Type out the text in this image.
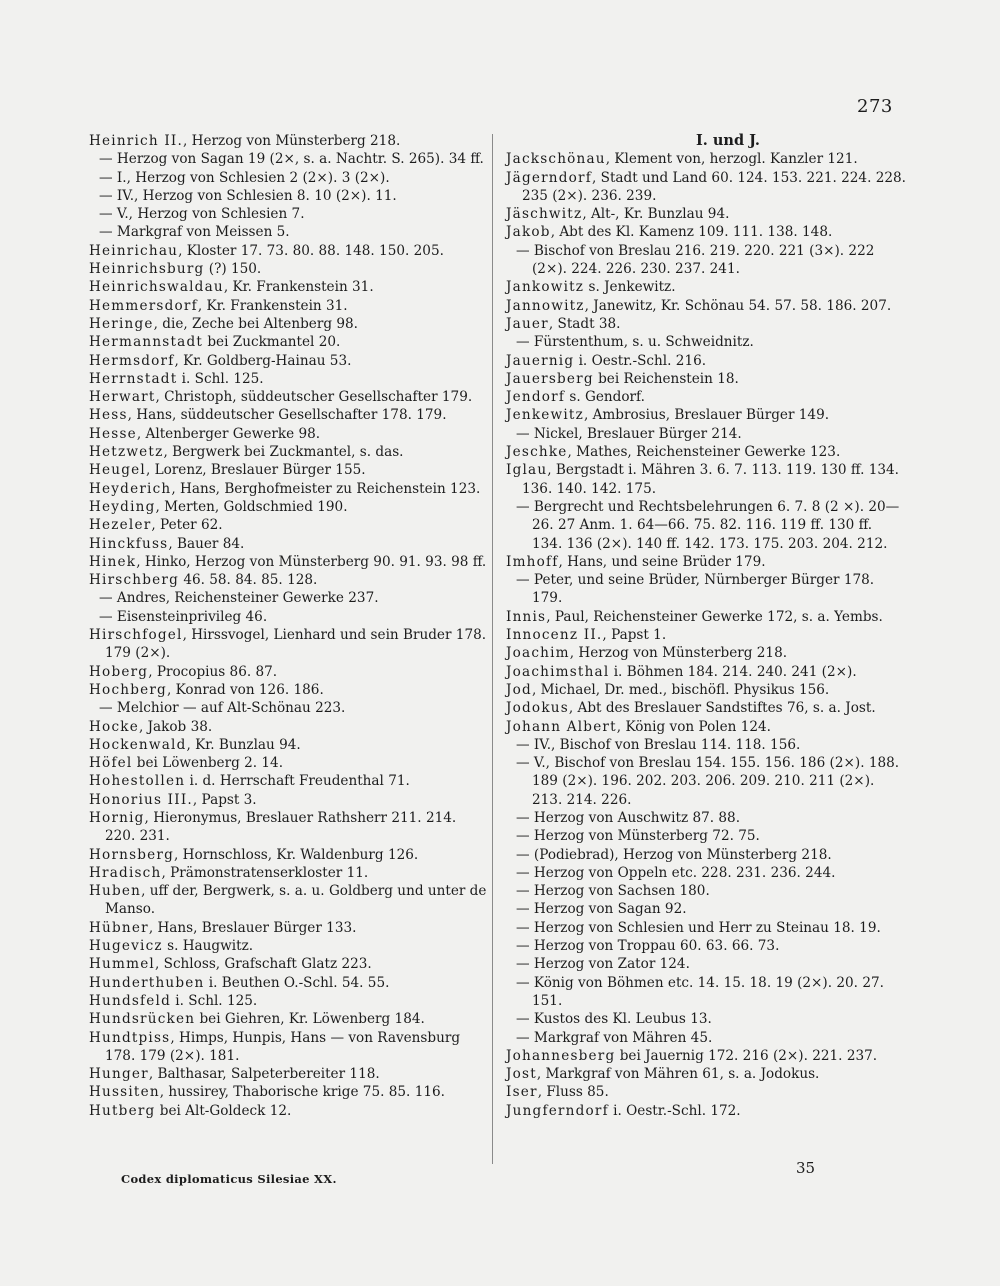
273
Heinrich II., Herzog von Münsterberg 218.
— Herzog von Sagan 19 (2×, s. a. Nachtr. S. 265). 34 ff.
— I., Herzog von Schlesien 2 (2×). 3 (2×).
— IV., Herzog von Schlesien 8. 10 (2×). 11.
— V., Herzog von Schlesien 7.
— Markgraf von Meissen 5.
Heinrichau, Kloster 17. 73. 80. 88. 148. 150. 205.
Heinrichsburg (?) 150.
Heinrichswaldau, Kr. Frankenstein 31.
Hemmersdorf, Kr. Frankenstein 31.
Heringe, die, Zeche bei Altenberg 98.
Hermannstadt bei Zuckmantel 20.
Hermsdorf, Kr. Goldberg-Hainau 53.
Herrnstadt i. Schl. 125.
Herwart, Christoph, süddeutscher Gesellschafter 179.
Hess, Hans, süddeutscher Gesellschafter 178. 179.
Hesse, Altenberger Gewerke 98.
Hetzwetz, Bergwerk bei Zuckmantel, s. das.
Heugel, Lorenz, Breslauer Bürger 155.
Heyderich, Hans, Berghofmeister zu Reichenstein 123.
Heyding, Merten, Goldschmied 190.
Hezeler, Peter 62.
Hinckfuss, Bauer 84.
Hinek, Hinko, Herzog von Münsterberg 90. 91. 93. 98 ff.
Hirschberg 46. 58. 84. 85. 128.
— Andres, Reichensteiner Gewerke 237.
— Eisensteinprivileg 46.
Hirschfogel, Hirssvogel, Lienhard und sein Bruder 178. 179 (2×).
Hoberg, Procopius 86. 87.
Hochberg, Konrad von 126. 186.
— Melchior — auf Alt-Schönau 223.
Hocke, Jakob 38.
Hockenwald, Kr. Bunzlau 94.
Höfel bei Löwenberg 2. 14.
Hohestollen i. d. Herrschaft Freudenthal 71.
Honorius III., Papst 3.
Hornig, Hieronymus, Breslauer Rathsherr 211. 214. 220. 231.
Hornsberg, Hornschloss, Kr. Waldenburg 126.
Hradisch, Prämonstratenserkloster 11.
Huben, uff der, Bergwerk, s. a. u. Goldberg und unter de Manso.
Hübner, Hans, Breslauer Bürger 133.
Hugevicz s. Haugwitz.
Hummel, Schloss, Grafschaft Glatz 223.
Hunderthuben i. Beuthen O.-Schl. 54. 55.
Hundsfeld i. Schl. 125.
Hundsrücken bei Giehren, Kr. Löwenberg 184.
Hundtpiss, Himps, Hunpis, Hans — von Ravensburg 178. 179 (2×). 181.
Hunger, Balthasar, Salpeterbereiter 118.
Hussiten, hussirey, Thaborische krige 75. 85. 116.
Hutberg bei Alt-Goldeck 12.
I. und J.
Jackschönau, Klement von, herzogl. Kanzler 121.
Jägerndorf, Stadt und Land 60. 124. 153. 221. 224. 228. 235 (2×). 236. 239.
Jäschwitz, Alt-, Kr. Bunzlau 94.
Jakob, Abt des Kl. Kamenz 109. 111. 138. 148.
— Bischof von Breslau 216. 219. 220. 221 (3×). 222 (2×). 224. 226. 230. 237. 241.
Jankowitz s. Jenkewitz.
Jannowitz, Janewitz, Kr. Schönau 54. 57. 58. 186. 207.
Jauer, Stadt 38.
— Fürstenthum, s. u. Schweidnitz.
Jauernig i. Oestr.-Schl. 216.
Jauersberg bei Reichenstein 18.
Jendorf s. Gendorf.
Jenkewitz, Ambrosius, Breslauer Bürger 149.
— Nickel, Breslauer Bürger 214.
Jeschke, Mathes, Reichensteiner Gewerke 123.
Iglau, Bergstadt i. Mähren 3. 6. 7. 113. 119. 130 ff. 134. 136. 140. 142. 175.
— Bergrecht und Rechtsbelehrungen 6. 7. 8 (2 ×). 20—26. 27 Anm. 1. 64—66. 75. 82. 116. 119 ff. 130 ff. 134. 136 (2×). 140 ff. 142. 173. 175. 203. 204. 212.
Imhoff, Hans, und seine Brüder 179.
— Peter, und seine Brüder, Nürnberger Bürger 178. 179.
Innis, Paul, Reichensteiner Gewerke 172, s. a. Yembs.
Innocenz II., Papst 1.
Joachim, Herzog von Münsterberg 218.
Joachimsthal i. Böhmen 184. 214. 240. 241 (2×).
Jod, Michael, Dr. med., bischöfl. Physikus 156.
Jodokus, Abt des Breslauer Sandstiftes 76, s. a. Jost.
Johann Albert, König von Polen 124.
— IV., Bischof von Breslau 114. 118. 156.
— V., Bischof von Breslau 154. 155. 156. 186 (2×). 188. 189 (2×). 196. 202. 203. 206. 209. 210. 211 (2×). 213. 214. 226.
— Herzog von Auschwitz 87. 88.
— Herzog von Münsterberg 72. 75.
— (Podiebrad), Herzog von Münsterberg 218.
— Herzog von Oppeln etc. 228. 231. 236. 244.
— Herzog von Sachsen 180.
— Herzog von Sagan 92.
— Herzog von Schlesien und Herr zu Steinau 18. 19.
— Herzog von Troppau 60. 63. 66. 73.
— Herzog von Zator 124.
— König von Böhmen etc. 14. 15. 18. 19 (2×). 20. 27. 151.
— Kustos des Kl. Leubus 13.
— Markgraf von Mähren 45.
Johannesberg bei Jauernig 172. 216 (2×). 221. 237.
Jost, Markgraf von Mähren 61, s. a. Jodokus.
Iser, Fluss 85.
Jungferndorf i. Oestr.-Schl. 172.
Codex diplomaticus Silesiae XX.
35
